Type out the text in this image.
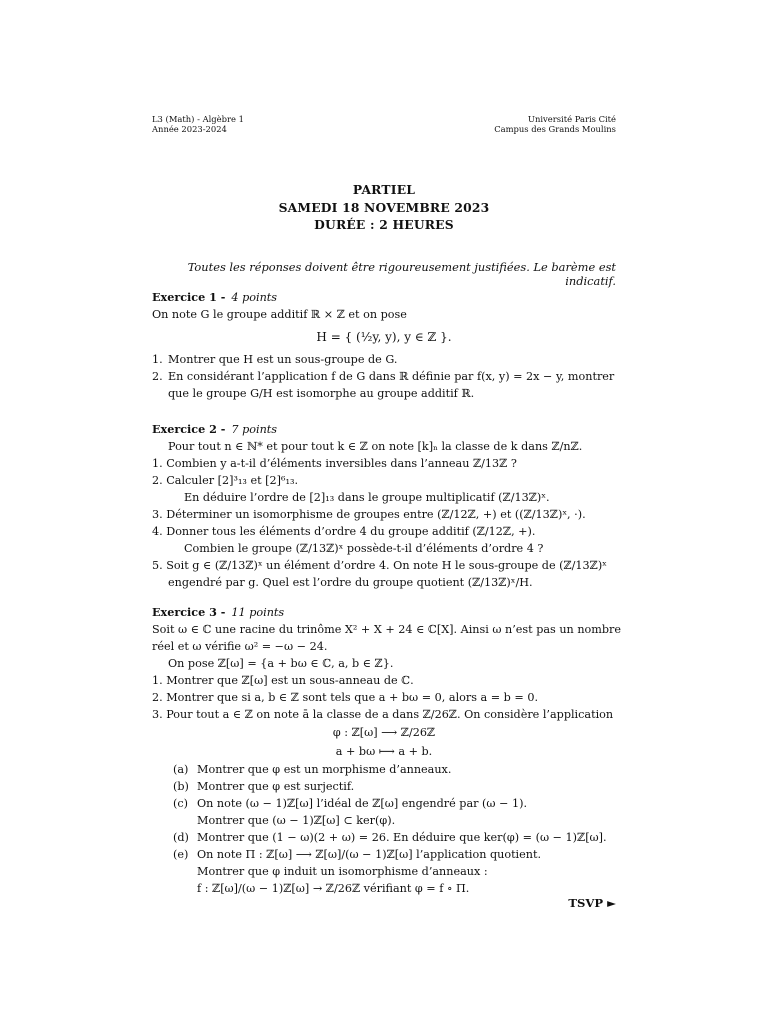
L3 (Math) - Algèbre 1
Année 2023-2024
Université Paris Cité
Campus des Grands Moulins
PARTIEL
SAMEDI 18 NOVEMBRE 2023
DURÉE : 2 HEURES
Toutes les réponses doivent être rigoureusement justifiées. Le barème est indicatif.
Exercice 1 - 4 points
On note G le groupe additif ℝ × ℤ et on pose
H = { (½y, y), y ∈ ℤ }.
1. Montrer que H est un sous-groupe de G.
2. En considérant l’application f de G dans ℝ définie par f(x, y) = 2x − y, montrer
que le groupe G/H est isomorphe au groupe additif ℝ.
Exercice 2 - 7 points
Pour tout n ∈ ℕ* et pour tout k ∈ ℤ on note [k]ₙ la classe de k dans ℤ/nℤ.
1. Combien y a-t-il d’éléments inversibles dans l’anneau ℤ/13ℤ ?
2. Calculer [2]³₁₃ et [2]⁶₁₃.
En déduire l’ordre de [2]₁₃ dans le groupe multiplicatif (ℤ/13ℤ)ˣ.
3. Déterminer un isomorphisme de groupes entre (ℤ/12ℤ, +) et ((ℤ/13ℤ)ˣ, ·).
4. Donner tous les éléments d’ordre 4 du groupe additif (ℤ/12ℤ, +).
Combien le groupe (ℤ/13ℤ)ˣ possède-t-il d’éléments d’ordre 4 ?
5. Soit g ∈ (ℤ/13ℤ)ˣ un élément d’ordre 4. On note H le sous-groupe de (ℤ/13ℤ)ˣ
engendré par g. Quel est l’ordre du groupe quotient (ℤ/13ℤ)ˣ/H.
Exercice 3 - 11 points
Soit ω ∈ ℂ une racine du trinôme X² + X + 24 ∈ ℂ[X]. Ainsi ω n’est pas un nombre
réel et ω vérifie ω² = −ω − 24.
On pose ℤ[ω] = {a + bω ∈ ℂ, a, b ∈ ℤ}.
1. Montrer que ℤ[ω] est un sous-anneau de ℂ.
2. Montrer que si a, b ∈ ℤ sont tels que a + bω = 0, alors a = b = 0.
3. Pour tout a ∈ ℤ on note ā la classe de a dans ℤ/26ℤ. On considère l’application
φ : ℤ[ω] ⟶ ℤ/26ℤ
a + bω ⟼ a + b.
(a) Montrer que φ est un morphisme d’anneaux.
(b) Montrer que φ est surjectif.
(c) On note (ω − 1)ℤ[ω] l’idéal de ℤ[ω] engendré par (ω − 1).
Montrer que (ω − 1)ℤ[ω] ⊂ ker(φ).
(d) Montrer que (1 − ω)(2 + ω) = 26. En déduire que ker(φ) = (ω − 1)ℤ[ω].
(e) On note Π : ℤ[ω] ⟶ ℤ[ω]/(ω − 1)ℤ[ω] l’application quotient.
Montrer que φ induit un isomorphisme d’anneaux :
f : ℤ[ω]/(ω − 1)ℤ[ω] → ℤ/26ℤ vérifiant φ = f ∘ Π.
TSVP ►
